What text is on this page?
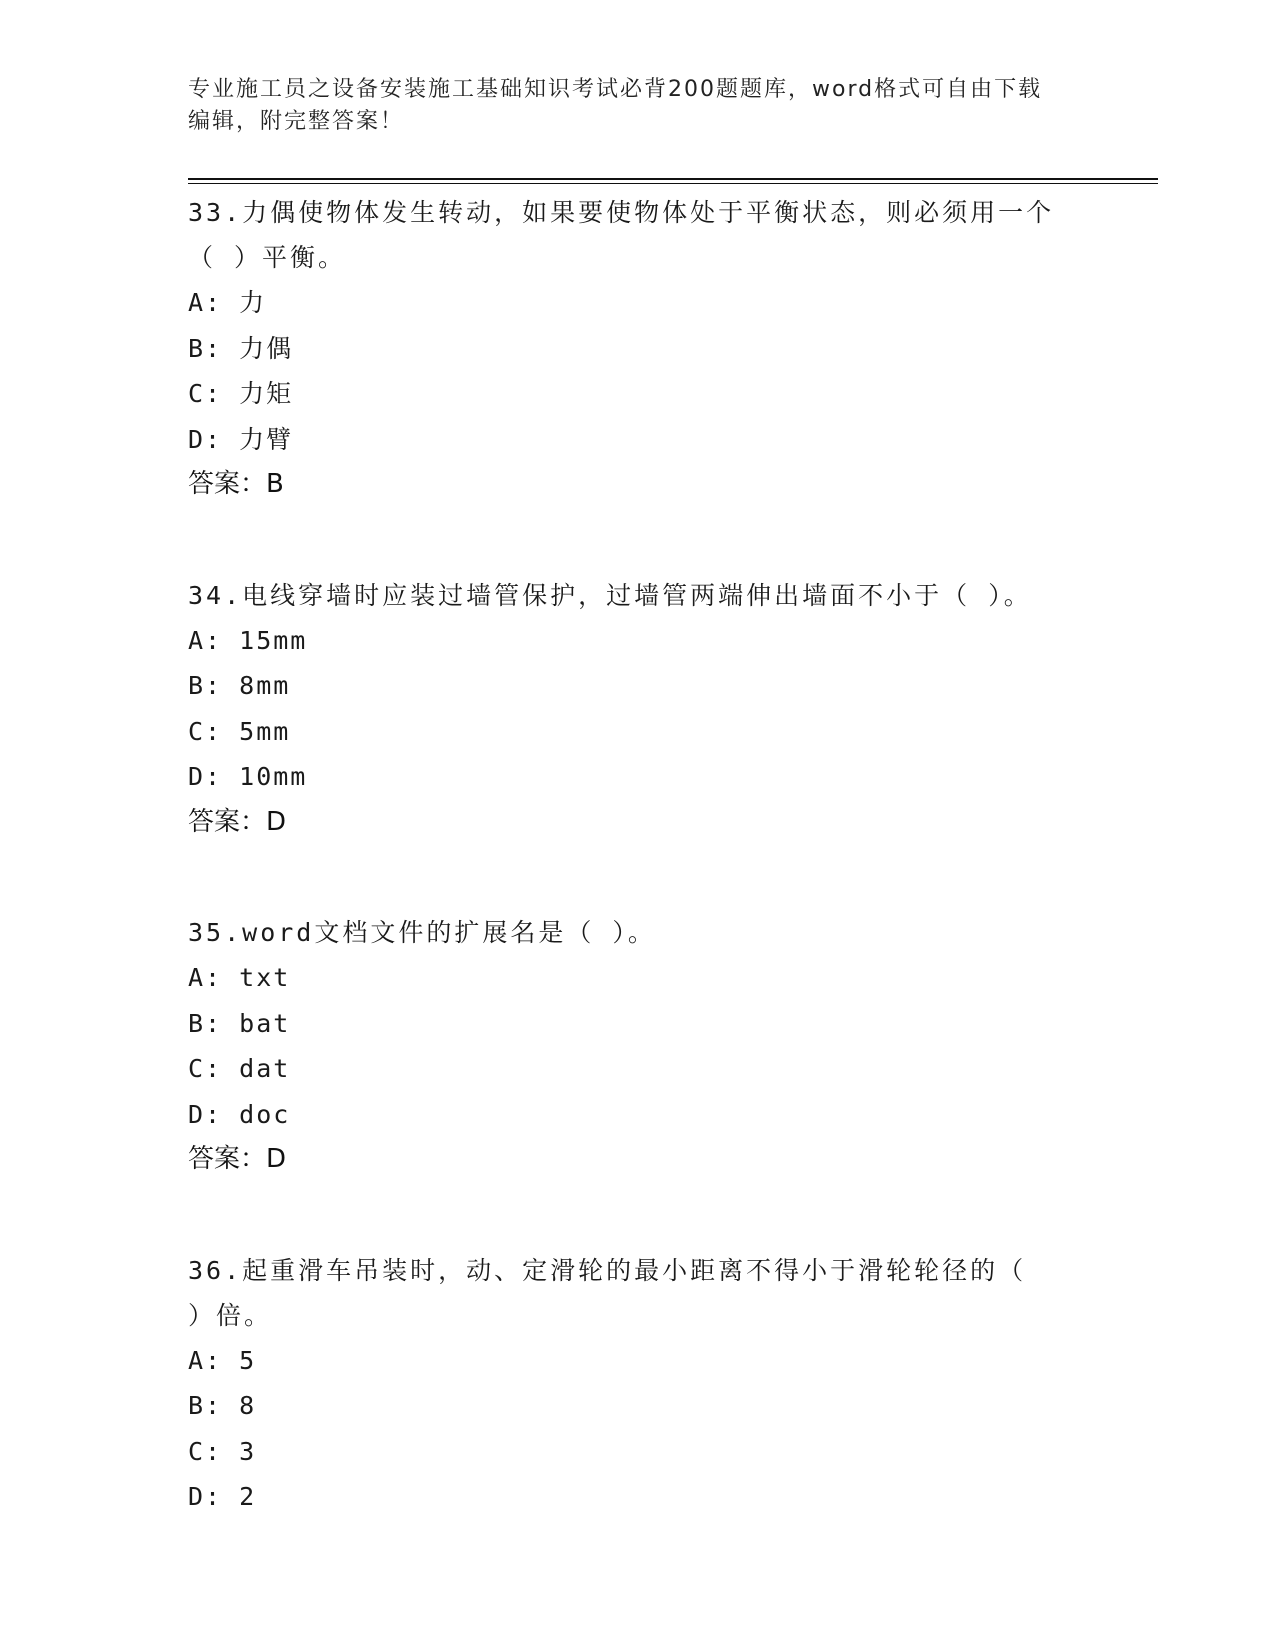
专业施工员之设备安装施工基础知识考试必背200题题库，word格式可自由下载
编辑，附完整答案！

33.力偶使物体发生转动，如果要使物体处于平衡状态，则必须用一个

（ ）平衡。

A: 力

B: 力偶

C: 力矩

D: 力臂

答案：B

34.电线穿墙时应装过墙管保护，过墙管两端伸出墙面不小于（ ）。

A: 15mm

B: 8mm

C: 5mm

D: 10mm

答案：D

35.word文档文件的扩展名是（ ）。

A: txt

B: bat

C: dat

D: doc

答案：D

36.起重滑车吊装时，动、定滑轮的最小距离不得小于滑轮轮径的（

）倍。

A: 5

B: 8

C: 3

D: 2
